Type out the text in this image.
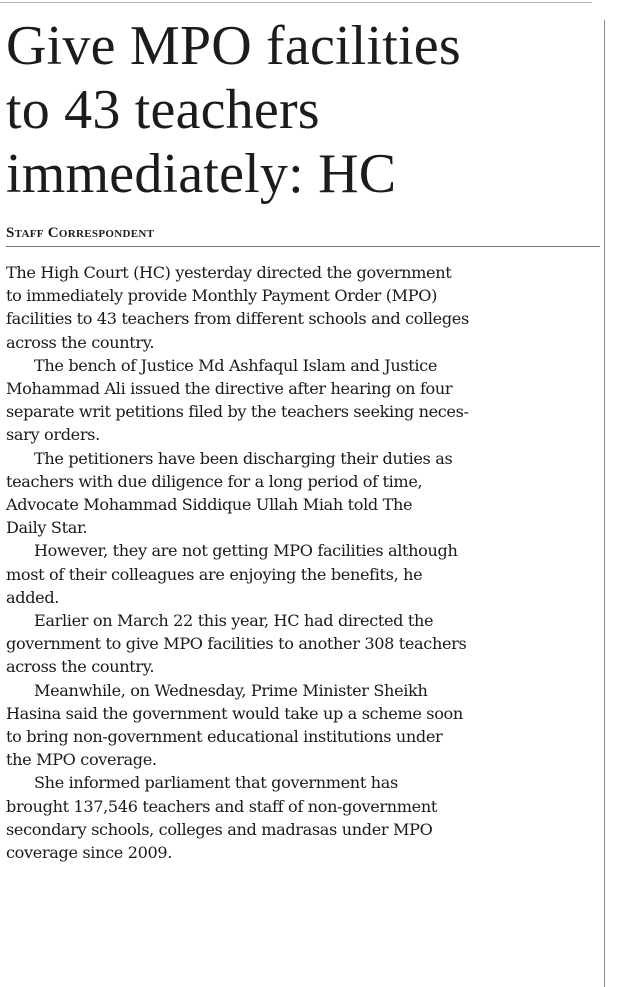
Give MPO facilities
to 43 teachers
immediately: HC
Staff Correspondent

The High Court (HC) yesterday directed the government
to immediately provide Monthly Payment Order (MPO)
facilities to 43 teachers from different schools and colleges
across the country.

The bench of Justice Md Ashfaqul Islam and Justice
Mohammad Ali issued the directive after hearing on four
separate writ petitions filed by the teachers seeking neces-
sary orders.

The petitioners have been discharging their duties as
teachers with due diligence for a long period of time,
Advocate Mohammad Siddique Ullah Miah told The
Daily Star.

However, they are not getting MPO facilities although
most of their colleagues are enjoying the benefits, he
added.

Earlier on March 22 this year, HC had directed the
government to give MPO facilities to another 308 teachers
across the country.

Meanwhile, on Wednesday, Prime Minister Sheikh
Hasina said the government would take up a scheme soon
to bring non-government educational institutions under
the MPO coverage.

She informed parliament that government has
brought 137,546 teachers and staff of non-government
secondary schools, colleges and madrasas under MPO
coverage since 2009.
